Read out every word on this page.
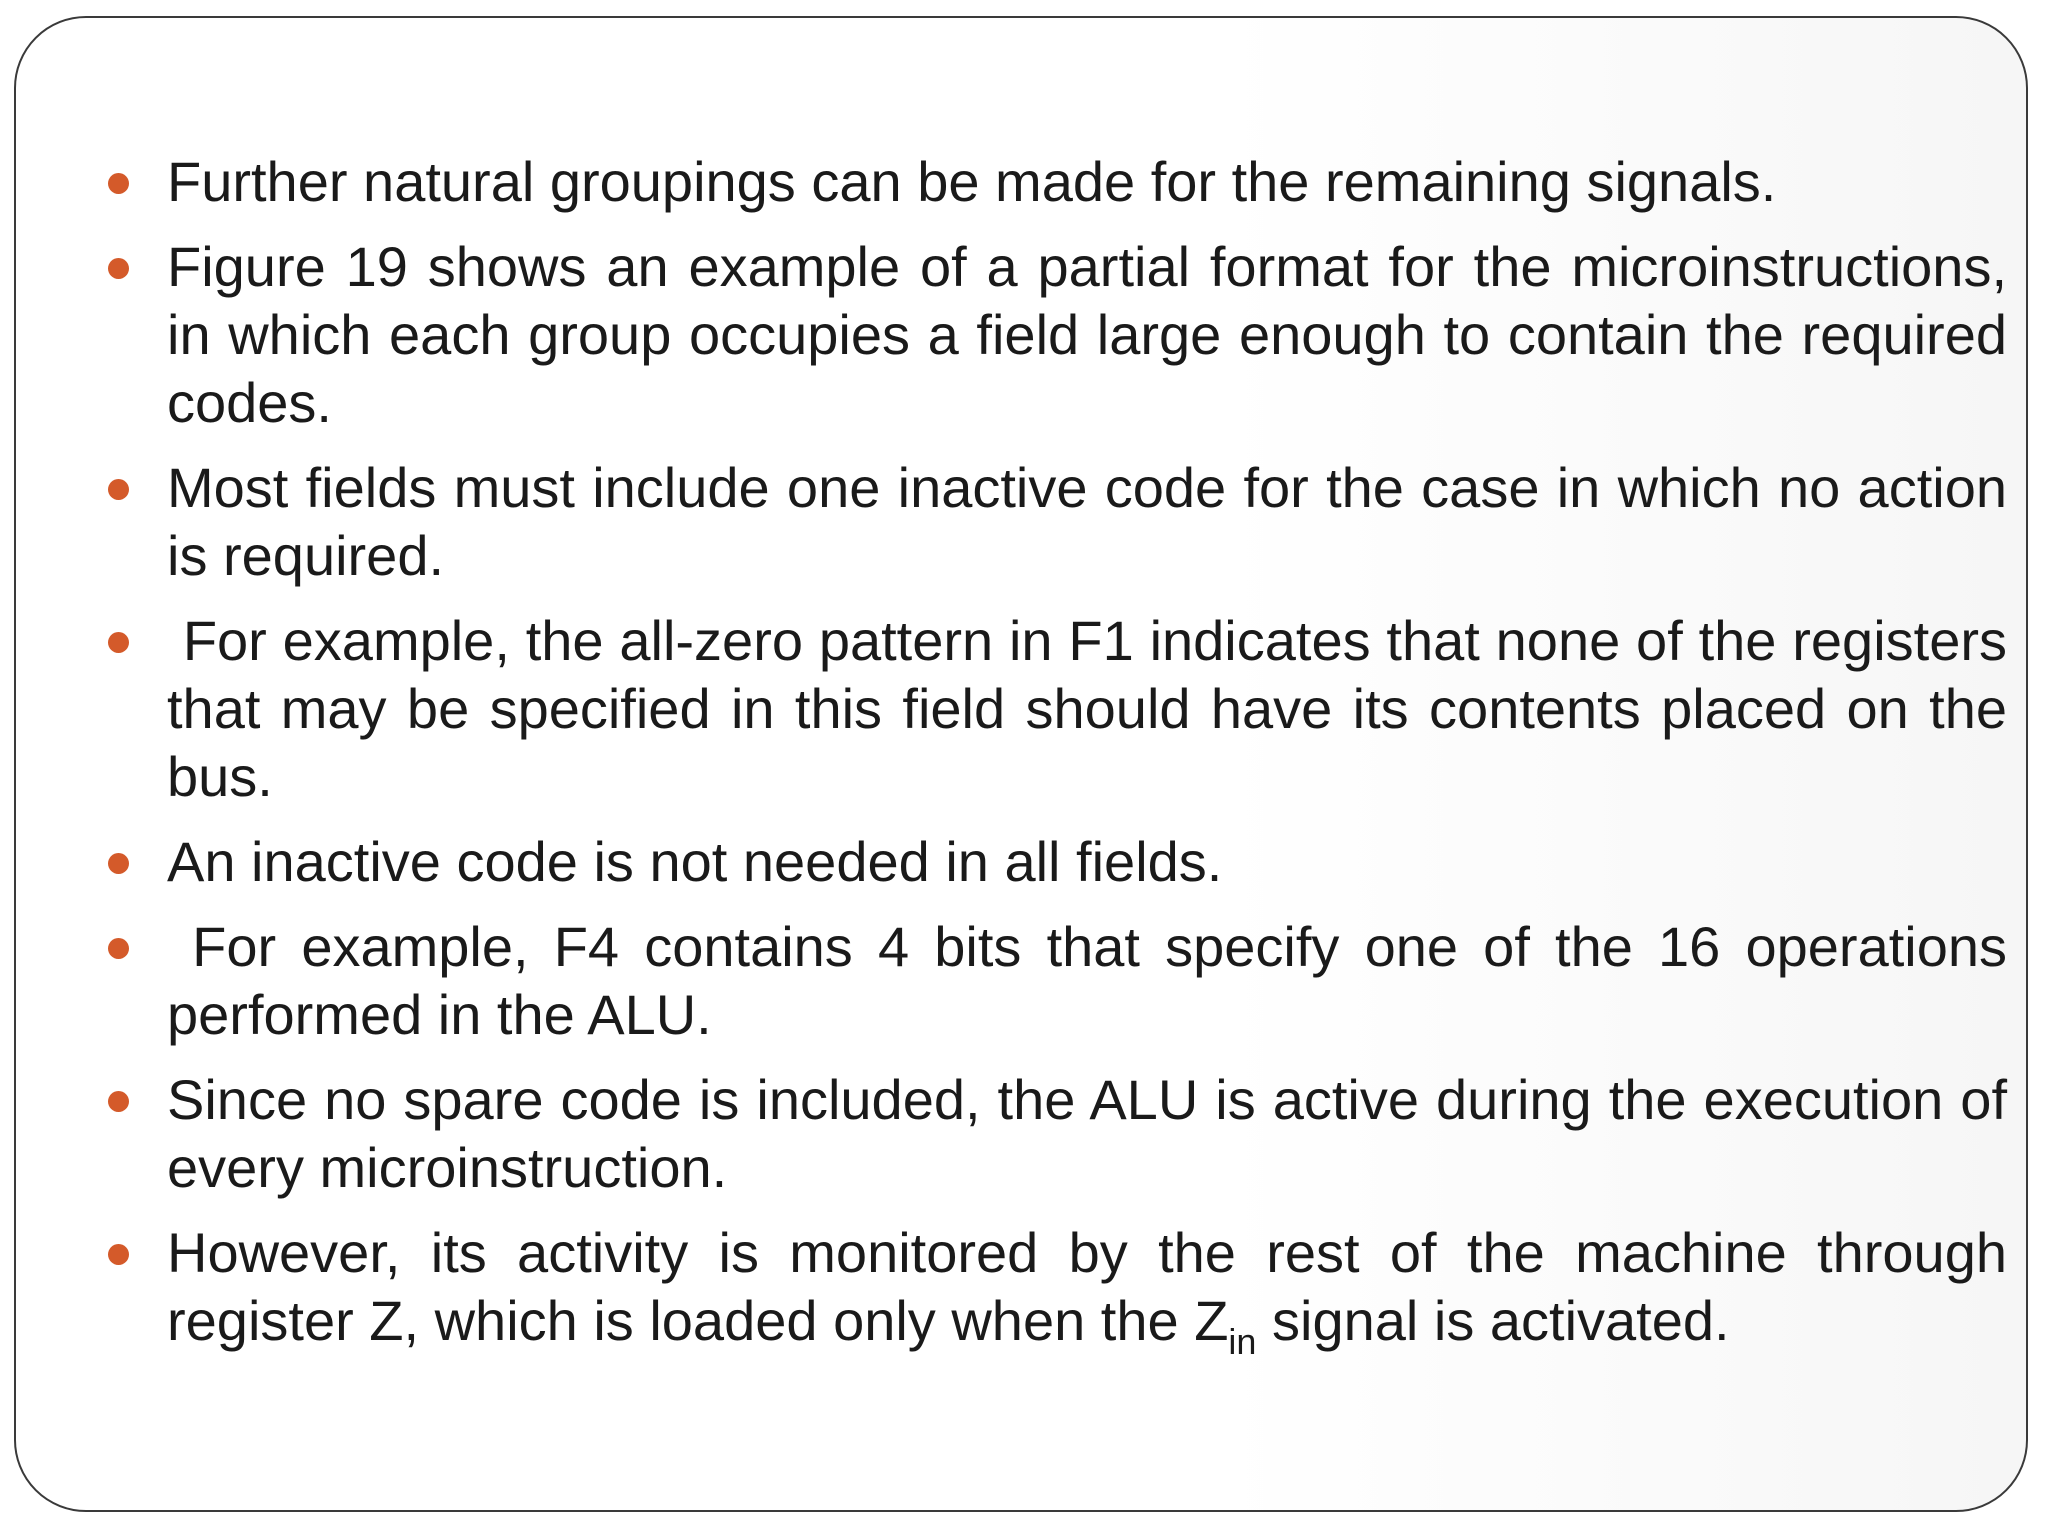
Further natural groupings can be made for the remaining signals.
Figure 19 shows an example of a partial format for the microinstructions, in which each group occupies a field large enough to contain the required codes.
Most fields must include one inactive code for the case in which no action is required.
For example, the all-zero pattern in F1 indicates that none of the registers that may be specified in this field should have its contents placed on the bus.
An inactive code is not needed in all fields.
For example, F4 contains 4 bits that specify one of the 16 operations performed in the ALU.
Since no spare code is included, the ALU is active during the execution of every microinstruction.
However, its activity is monitored by the rest of the machine through register Z, which is loaded only when the $Z_{in}$ signal is activated.
